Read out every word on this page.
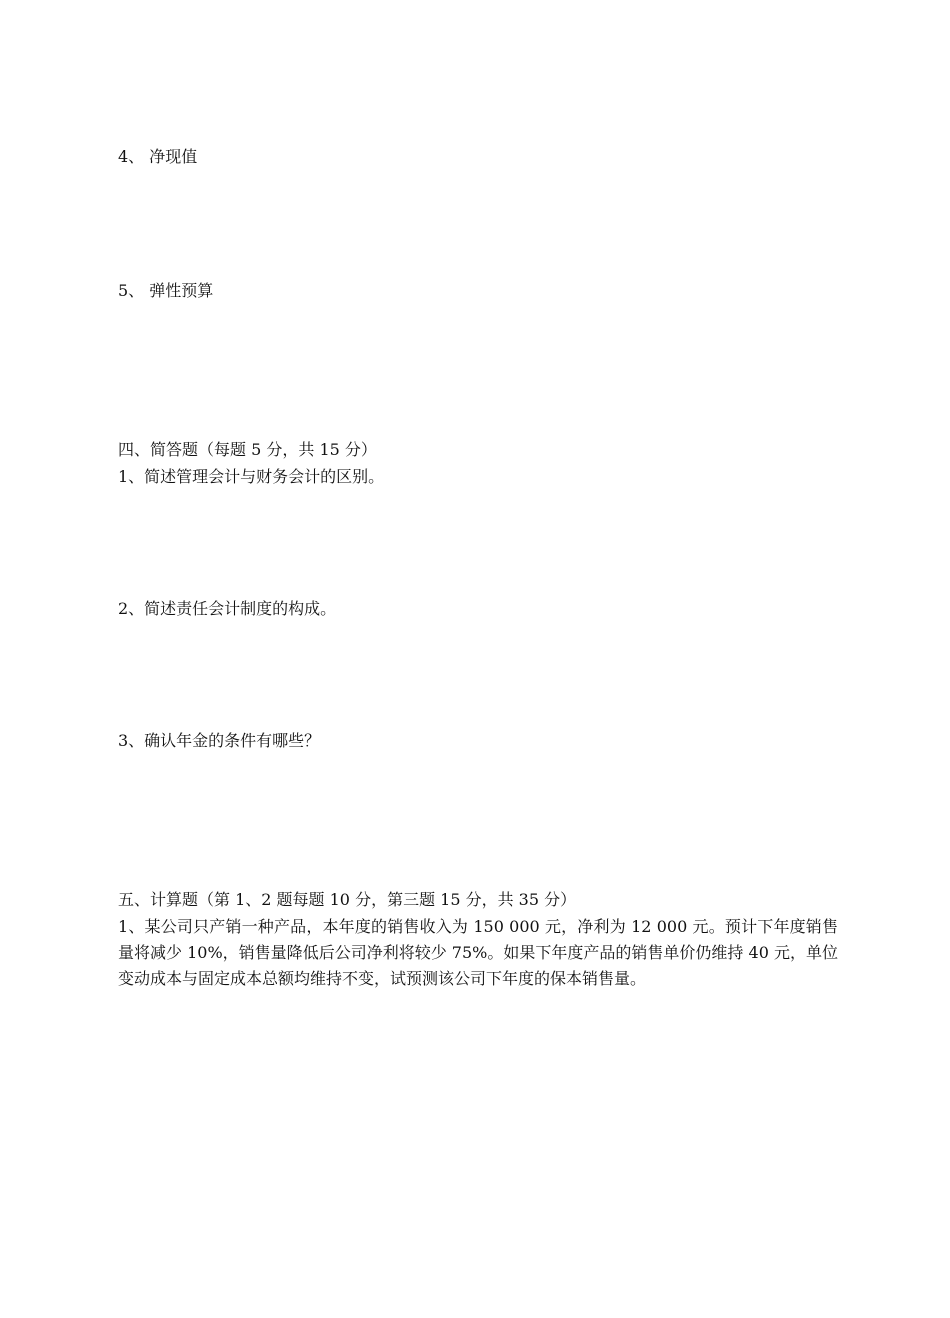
4、 净现值
5、 弹性预算
四、简答题（每题 5 分，共 15 分）
1、简述管理会计与财务会计的区别。
2、简述责任会计制度的构成。
3、确认年金的条件有哪些？
五、计算题（第 1、2 题每题 10 分，第三题 15 分，共 35 分）
1、某公司只产销一种产品，本年度的销售收入为 150 000 元，净利为 12 000 元。预计下年度销售量将减少 10%，销售量降低后公司净利将较少 75%。如果下年度产品的销售单价仍维持 40 元，单位变动成本与固定成本总额均维持不变，试预测该公司下年度的保本销售量。
